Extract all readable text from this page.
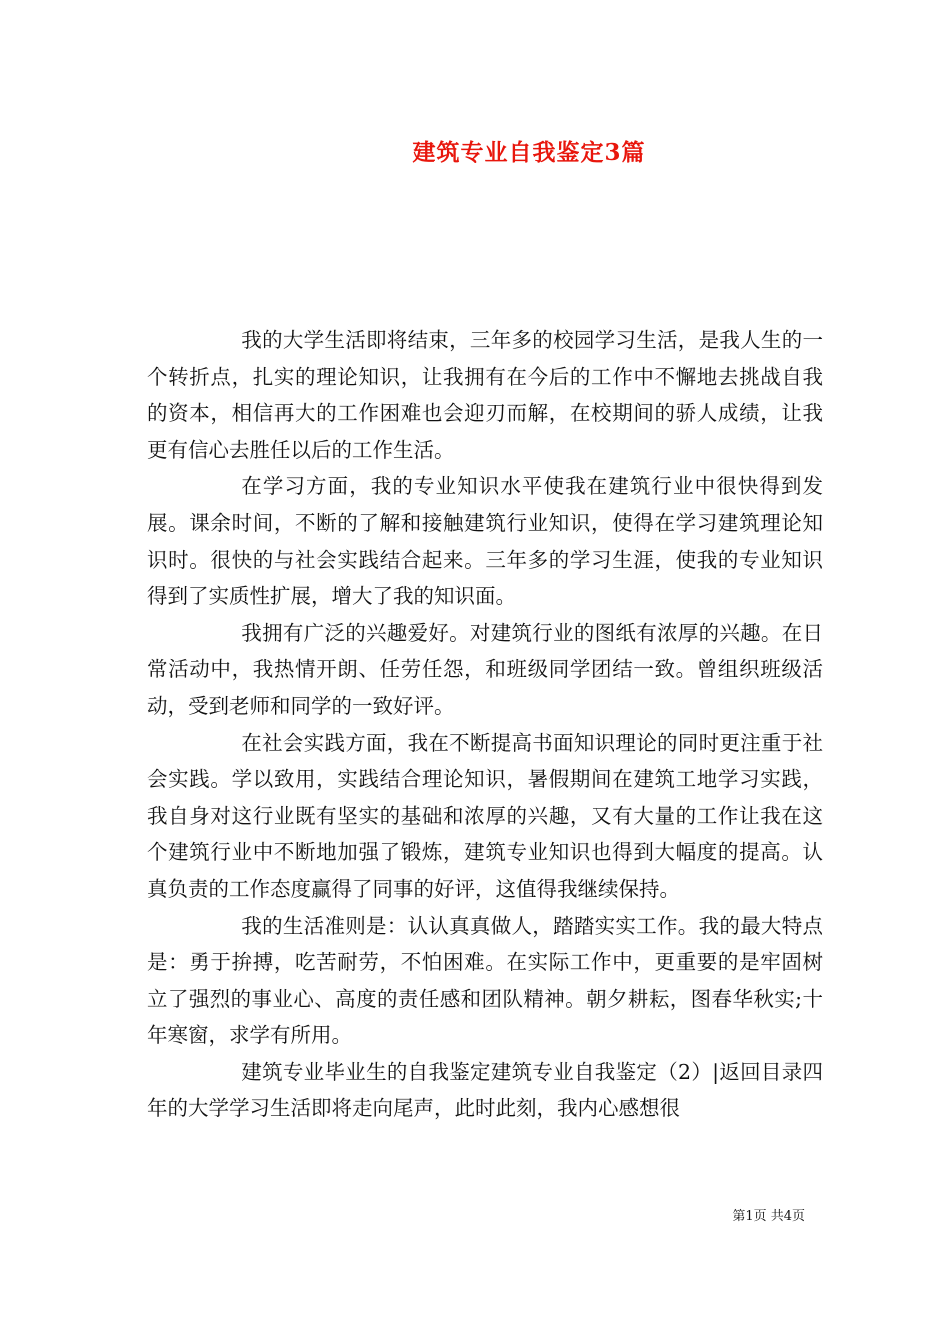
建筑专业自我鉴定3篇

我的大学生活即将结束，三年多的校园学习生活，是我人生的一个转折点，扎实的理论知识，让我拥有在今后的工作中不懈地去挑战自我的资本，相信再大的工作困难也会迎刃而解，在校期间的骄人成绩，让我更有信心去胜任以后的工作生活。

在学习方面，我的专业知识水平使我在建筑行业中很快得到发展。课余时间，不断的了解和接触建筑行业知识，使得在学习建筑理论知识时。很快的与社会实践结合起来。三年多的学习生涯，使我的专业知识得到了实质性扩展，增大了我的知识面。

我拥有广泛的兴趣爱好。对建筑行业的图纸有浓厚的兴趣。在日常活动中，我热情开朗、任劳任怨，和班级同学团结一致。曾组织班级活动，受到老师和同学的一致好评。

在社会实践方面，我在不断提高书面知识理论的同时更注重于社会实践。学以致用，实践结合理论知识，暑假期间在建筑工地学习实践，我自身对这行业既有坚实的基础和浓厚的兴趣，又有大量的工作让我在这个建筑行业中不断地加强了锻炼，建筑专业知识也得到大幅度的提高。认真负责的工作态度赢得了同事的好评，这值得我继续保持。

我的生活准则是：认认真真做人，踏踏实实工作。我的最大特点是：勇于拚搏，吃苦耐劳，不怕困难。在实际工作中，更重要的是牢固树立了强烈的事业心、高度的责任感和团队精神。朝夕耕耘，图春华秋实;十年寒窗，求学有所用。

建筑专业毕业生的自我鉴定建筑专业自我鉴定（2）|返回目录四年的大学学习生活即将走向尾声，此时此刻，我内心感想很

第1页 共4页
